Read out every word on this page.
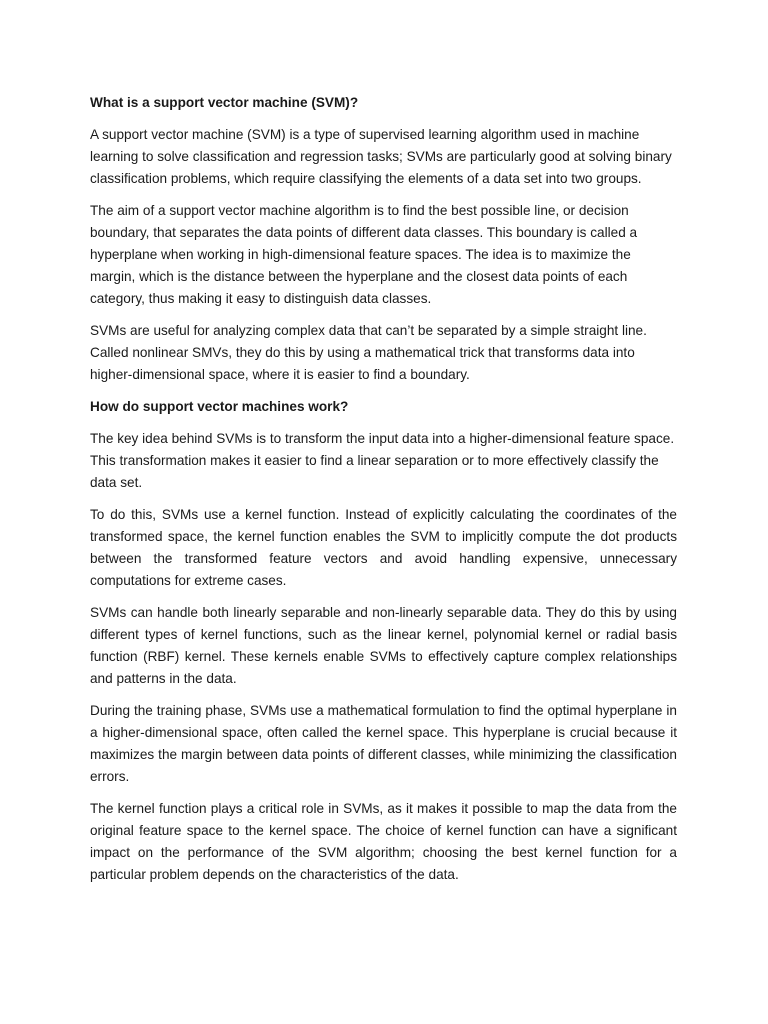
What is a support vector machine (SVM)?

A support vector machine (SVM) is a type of supervised learning algorithm used in machine learning to solve classification and regression tasks; SVMs are particularly good at solving binary classification problems, which require classifying the elements of a data set into two groups.

The aim of a support vector machine algorithm is to find the best possible line, or decision boundary, that separates the data points of different data classes. This boundary is called a hyperplane when working in high-dimensional feature spaces. The idea is to maximize the margin, which is the distance between the hyperplane and the closest data points of each category, thus making it easy to distinguish data classes.

SVMs are useful for analyzing complex data that can’t be separated by a simple straight line. Called nonlinear SMVs, they do this by using a mathematical trick that transforms data into higher-dimensional space, where it is easier to find a boundary.

How do support vector machines work?

The key idea behind SVMs is to transform the input data into a higher-dimensional feature space. This transformation makes it easier to find a linear separation or to more effectively classify the data set.

To do this, SVMs use a kernel function. Instead of explicitly calculating the coordinates of the transformed space, the kernel function enables the SVM to implicitly compute the dot products between the transformed feature vectors and avoid handling expensive, unnecessary computations for extreme cases.

SVMs can handle both linearly separable and non-linearly separable data. They do this by using different types of kernel functions, such as the linear kernel, polynomial kernel or radial basis function (RBF) kernel. These kernels enable SVMs to effectively capture complex relationships and patterns in the data.

During the training phase, SVMs use a mathematical formulation to find the optimal hyperplane in a higher-dimensional space, often called the kernel space. This hyperplane is crucial because it maximizes the margin between data points of different classes, while minimizing the classification errors.

The kernel function plays a critical role in SVMs, as it makes it possible to map the data from the original feature space to the kernel space. The choice of kernel function can have a significant impact on the performance of the SVM algorithm; choosing the best kernel function for a particular problem depends on the characteristics of the data.
